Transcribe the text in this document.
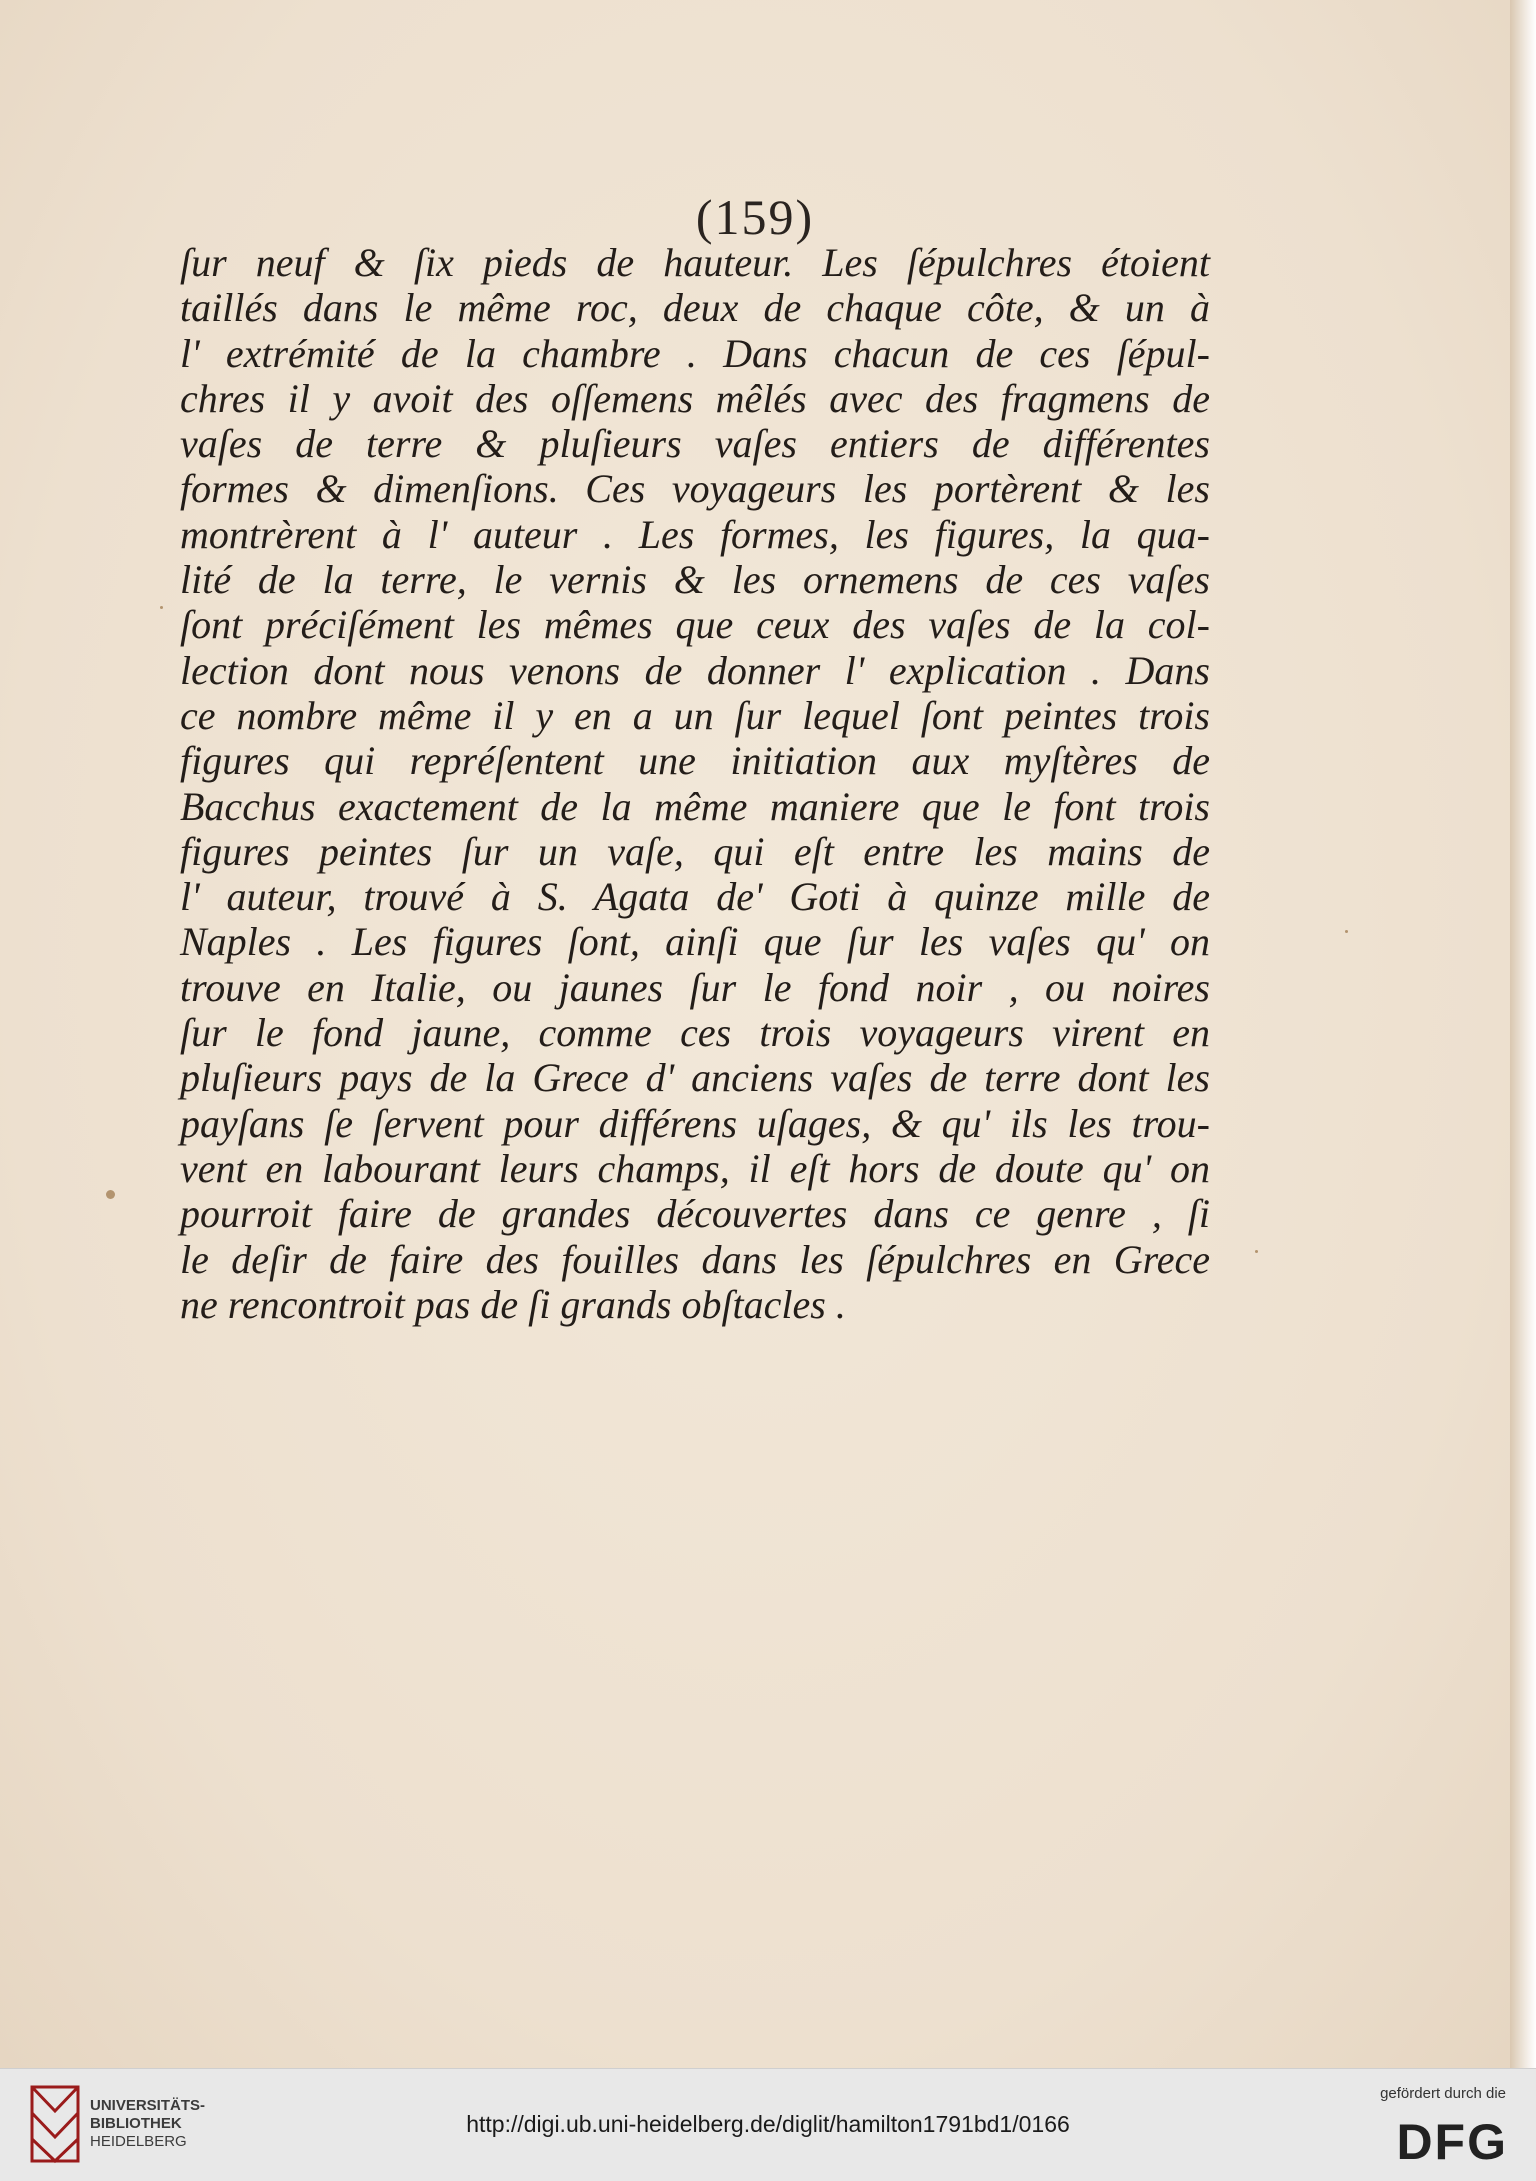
(159)
ſur neuf & ſix pieds de hauteur. Les ſépulchres étoient
taillés dans le même roc, deux de chaque côte, & un à
l' extrémité de la chambre . Dans chacun de ces ſépul-
chres il y avoit des oſſemens mêlés avec des fragmens de
vaſes de terre & pluſieurs vaſes entiers de différentes
formes & dimenſions. Ces voyageurs les portèrent & les
montrèrent à l' auteur . Les formes, les figures, la qua-
lité de la terre, le vernis & les ornemens de ces vaſes
ſont préciſément les mêmes que ceux des vaſes de la col-
lection dont nous venons de donner l' explication . Dans
ce nombre même il y en a un ſur lequel ſont peintes trois
figures qui repréſentent une initiation aux myſtères de
Bacchus exactement de la même maniere que le font trois
figures peintes ſur un vaſe, qui eſt entre les mains de
l' auteur, trouvé à S. Agata de' Goti à quinze mille de
Naples . Les figures ſont, ainſi que ſur les vaſes qu' on
trouve en Italie, ou jaunes ſur le fond noir , ou noires
ſur le fond jaune, comme ces trois voyageurs virent en
pluſieurs pays de la Grece d' anciens vaſes de terre dont les
payſans ſe ſervent pour différens uſages, & qu' ils les trou-
vent en labourant leurs champs, il eſt hors de doute qu' on
pourroit faire de grandes découvertes dans ce genre , ſi
le deſir de faire des fouilles dans les ſépulchres en Grece
ne rencontroit pas de ſi grands obſtacles .
UNIVERSITÄTS-
BIBLIOTHEK
HEIDELBERG
http://digi.ub.uni-heidelberg.de/diglit/hamilton1791bd1/0166
gefördert durch die
DFG
